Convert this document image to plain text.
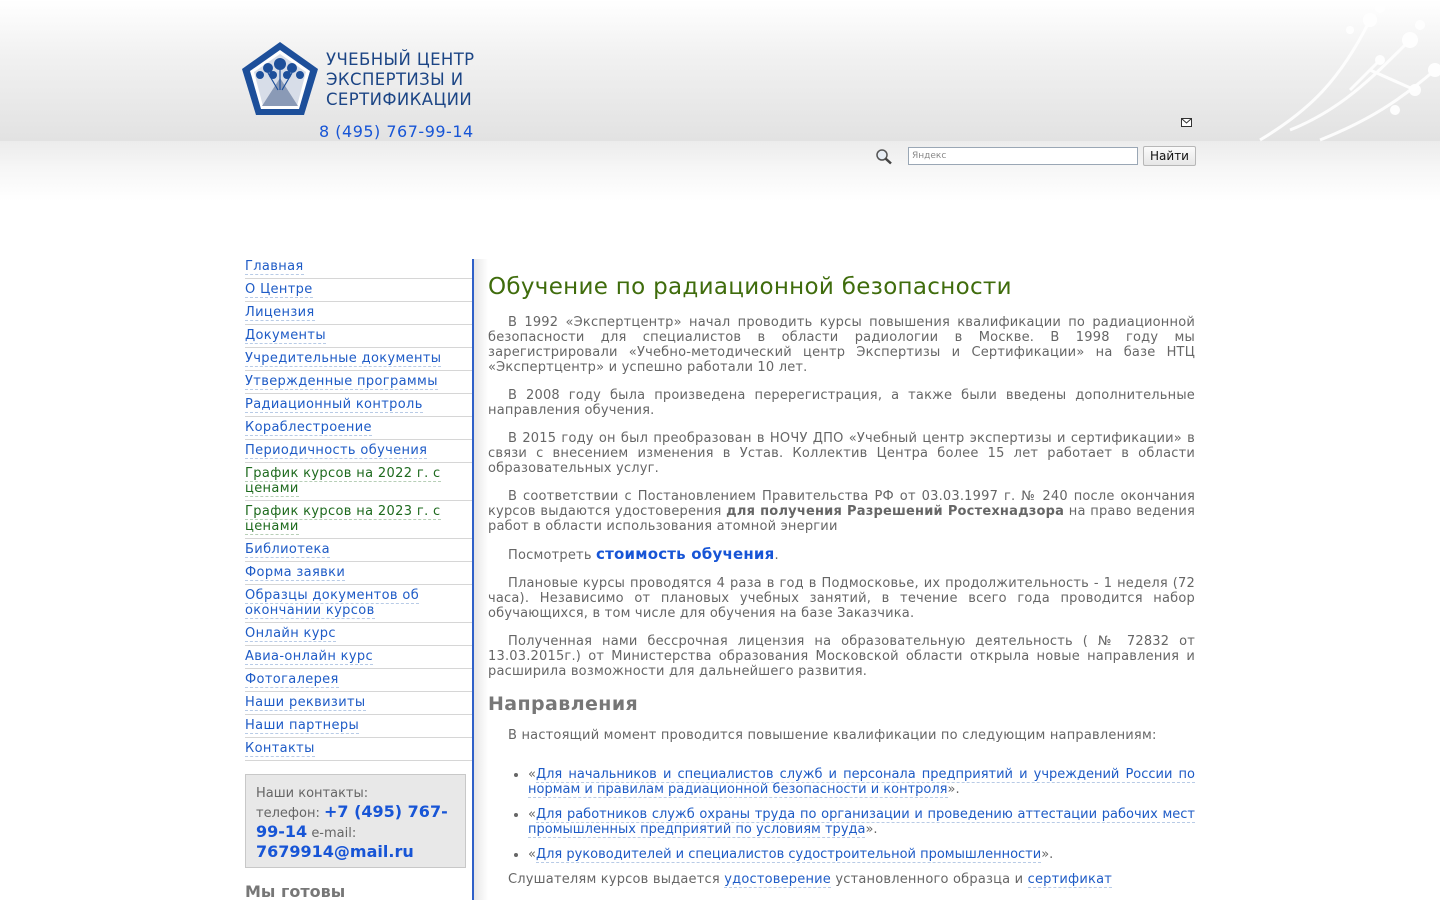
УЧЕБНЫЙ ЦЕНТР
ЭКСПЕРТИЗЫ И
СЕРТИФИКАЦИИ
8 (495) 767-99-14
Яндекс
Найти
Главная
О Центре
Лицензия
Документы
Учредительные документы
Утвержденные программы
Радиационный контроль
Кораблестроение
Периодичность обучения
График курсов на 2022 г. с ценами
График курсов на 2023 г. с ценами
Библиотека
Форма заявки
Образцы документов об окончании курсов
Онлайн курс
Авиа-онлайн курс
Фотогалерея
Наши реквизиты
Наши партнеры
Контакты
Наши контакты:
телефон: +7 (495) 767-99-14 e-mail: 7679914@mail.ru
Мы готовы
Обучение по радиационной безопасности

В 1992 «Экспертцентр» начал проводить курсы повышения квалификации по радиационной безопасности для специалистов в области радиологии в Москве. В 1998 году мы зарегистрировали «Учебно-методический центр Экспертизы и Сертификации» на базе НТЦ «Экспертцентр» и успешно работали 10 лет.

В 2008 году была произведена перерегистрация, а также были введены дополнительные направления обучения.

В 2015 году он был преобразован в НОЧУ ДПО «Учебный центр экспертизы и сертификации» в связи с внесением изменения в Устав. Коллектив Центра более 15 лет работает в области образовательных услуг.

В соответствии с Постановлением Правительства РФ от 03.03.1997 г. № 240 после окончания курсов выдаются удостоверения для получения Разрешений Ростехнадзора на право ведения работ в области использования атомной энергии

Посмотреть стоимость обучения.

Плановые курсы проводятся 4 раза в год в Подмосковье, их продолжительность - 1 неделя (72 часа). Независимо от плановых учебных занятий, в течение всего года проводится набор обучающихся, в том числе для обучения на базе Заказчика.

Полученная нами бессрочная лицензия на образовательную деятельность ( № 72832 от 13.03.2015г.) от Министерства образования Московской области открыла новые направления и расширила возможности для дальнейшего развития.

Направления

В настоящий момент проводится повышение квалификации по следующим направлениям:

• «Для начальников и специалистов служб и персонала предприятий и учреждений России по нормам и правилам радиационной безопасности и контроля».
• «Для работников служб охраны труда по организации и проведению аттестации рабочих мест промышленных предприятий по условиям труда».
• «Для руководителей и специалистов судостроительной промышленности».

Слушателям курсов выдается удостоверение установленного образца и сертификат
